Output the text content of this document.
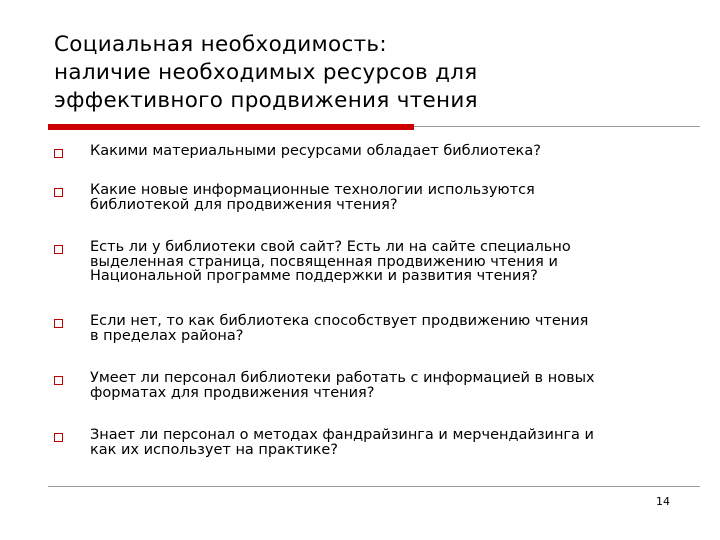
Социальная необходимость:
наличие необходимых ресурсов для
эффективного продвижения чтения
Какими материальными ресурсами обладает библиотека?
Какие новые информационные технологии используются
библиотекой для продвижения чтения?
Есть ли у библиотеки свой сайт? Есть ли на сайте специально
выделенная страница, посвященная продвижению чтения и
Национальной программе поддержки и развития чтения?
Если нет, то как библиотека способствует продвижению чтения
в пределах района?
Умеет ли персонал библиотеки работать с информацией в новых
форматах для продвижения чтения?
Знает ли персонал о методах фандрайзинга и мерчендайзинга и
как их использует на практике?
14
